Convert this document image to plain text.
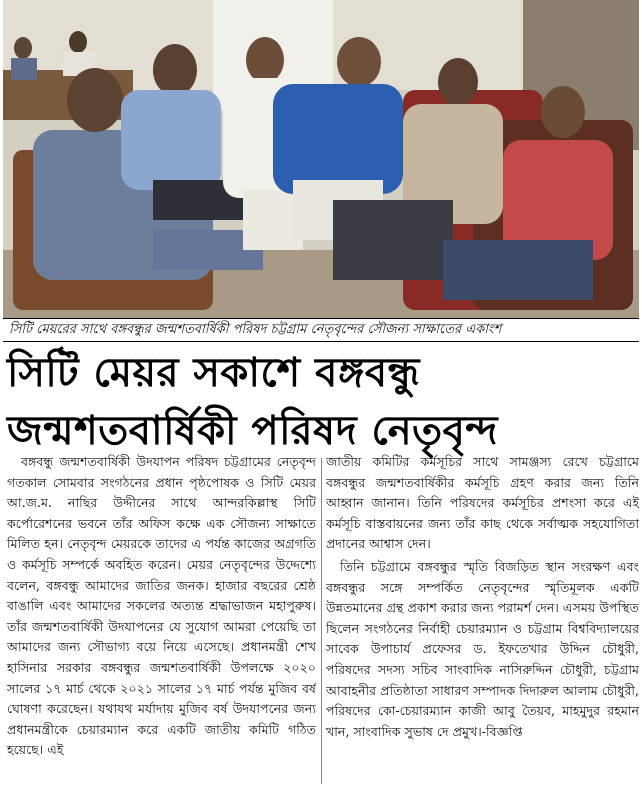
সিটি মেয়রের সাথে বঙ্গবন্ধুর জন্মশতবার্ষিকী পরিষদ চট্টগ্রাম নেতৃবৃন্দের সৌজন্য সাক্ষাতের একাংশ
সিটি মেয়র সকাশে বঙ্গবন্ধু
জন্মশতবার্ষিকী পরিষদ নেতৃবৃন্দ

বঙ্গবন্ধু জন্মশতবার্ষিকী উদযাপন পরিষদ চট্টগ্রামের নেতৃবৃন্দ গতকাল সোমবার সংগঠনের প্রধান পৃষ্ঠপোষক ও সিটি মেয়র আ.জ.ম. নাছির উদ্দীনের সাথে আন্দরকিল্লাস্থ সিটি কর্পোরেশনের ভবনে তাঁর অফিস কক্ষে এক সৌজন্য সাক্ষাতে মিলিত হন। নেতৃবৃন্দ মেয়রকে তাদের এ পর্যন্ত কাজের অগ্রগতি ও কর্মসূচি সম্পর্কে অবহিত করেন। মেয়র নেতৃবৃন্দের উদ্দেশ্যে বলেন, বঙ্গবন্ধু আমাদের জাতির জনক। হাজার বছরের শ্রেষ্ঠ বাঙালি এবং আমাদের সকলের অত্যন্ত শ্রদ্ধাভাজন মহাপুরুষ। তাঁর জন্মশতবার্ষিকী উদযাপনের যে সুযোগ আমরা পেয়েছি তা আমাদের জন্য সৌভাগ্য বয়ে নিয়ে এসেছে। প্রধানমন্ত্রী শেখ হাসিনার সরকার বঙ্গবন্ধুর জন্মশতবার্ষিকী উপলক্ষে ২০২০ সালের ১৭ মার্চ থেকে ২০২১ সালের ১৭ মার্চ পর্যন্ত মুজিব বর্ষ ঘোষণা করেছেন। যথাযথ মর্যাদায় মুজিব বর্ষ উদযাপনের জন্য প্রধানমন্ত্রীকে চেয়ারম্যান করে একটি জাতীয় কমিটি গঠিত হয়েছে। এই

জাতীয় কমিটির কর্মসূচির সাথে সামঞ্জস্য রেখে চট্টগ্রামে বঙ্গবন্ধুর জন্মশতবার্ষিকীর কর্মসূচি গ্রহণ করার জন্য তিনি আহ্বান জানান। তিনি পরিষদের কর্মসূচির প্রশংসা করে এই কর্মসূচি বাস্তবায়নের জন্য তাঁর কাছ থেকে সর্বাত্মক সহযোগিতা প্রদানের আশ্বাস দেন।

তিনি চট্টগ্রামে বঙ্গবন্ধুর স্মৃতি বিজড়িত স্থান সংরক্ষণ এবং বঙ্গবন্ধুর সঙ্গে সম্পর্কিত নেতৃবৃন্দের স্মৃতিমূলক একটি উন্নতমানের গ্রন্থ প্রকাশ করার জন্য পরামর্শ দেন। এসময় উপস্থিত ছিলেন সংগঠনের নির্বাহী চেয়ারম্যান ও চট্টগ্রাম বিশ্ববিদ্যালয়ের সাবেক উপাচার্য প্রফেসর ড. ইফতেখার উদ্দিন চৌধুরী, পরিষদের সদস্য সচিব সাংবাদিক নাসিরুদ্দিন চৌধুরী, চট্টগ্রাম আবাহনীর প্রতিষ্ঠাতা সাধারণ সম্পাদক দিদারুল আলাম চৌধুরী, পরিষদের কো-চেয়ারম্যান কাজী আবু তৈয়ব, মাহমুদুর রহমান খান, সাংবাদিক সুভাষ দে প্রমুখ।-বিজ্ঞপ্তি
